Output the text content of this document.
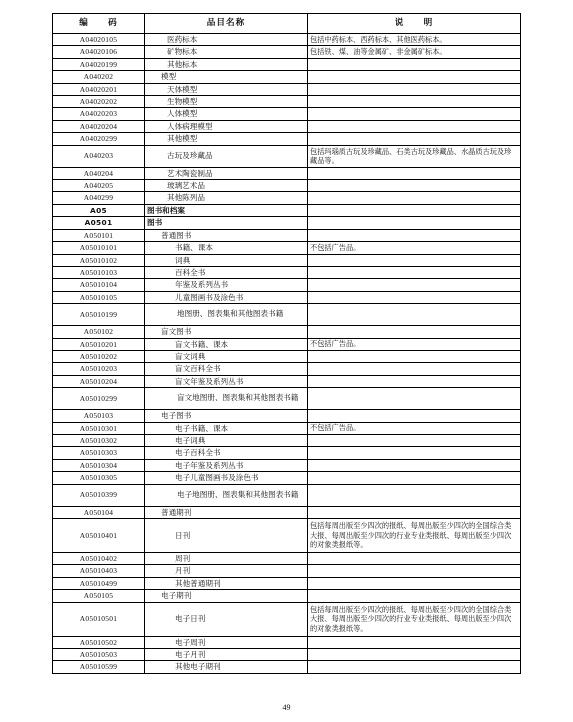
编　　码	品目名称	说　　明
A04020105	医药标本	包括中药标本、西药标本、其他医药标本。
A04020106	矿物标本	包括铁、煤、油等金属矿、非金属矿标本。
A04020199	其他标本	
A040202	模型	
A04020201	天体模型	
A04020202	生物模型	
A04020203	人体模型	
A04020204	人体病理模型	
A04020299	其他模型	
A040203	古玩及珍藏品	包括玛瑙质古玩及珍藏品、石类古玩及珍藏品、水晶质古玩及珍藏品等。
A040204	艺术陶瓷制品	
A040205	玻璃艺术品	
A040299	其他陈列品	
A05	图书和档案	
A0501	图书	
A050101	普通图书	
A05010101	书籍、课本	不包括广告品。
A05010102	词典	
A05010103	百科全书	
A05010104	年鉴及系列丛书	
A05010105	儿童图画书及涂色书	
A05010199	地图册、图表集和其他图表书籍	
A050102	盲文图书	
A05010201	盲文书籍、课本	不包括广告品。
A05010202	盲文词典	
A05010203	盲文百科全书	
A05010204	盲文年鉴及系列丛书	
A05010299	盲文地图册、图表集和其他图表书籍	
A050103	电子图书	
A05010301	电子书籍、课本	不包括广告品。
A05010302	电子词典	
A05010303	电子百科全书	
A05010304	电子年鉴及系列丛书	
A05010305	电子儿童图画书及涂色书	
A05010399	电子地图册、图表集和其他图表书籍	
A050104	普通期刊	
A05010401	日刊	包括每周出版至少四次的报纸、每周出版至少四次的全国综合类大报、每周出版至少四次的行业专业类报纸、每周出版至少四次的对象类报纸等。
A05010402	周刊	
A05010403	月刊	
A05010499	其他普通期刊	
A050105	电子期刊	
A05010501	电子日刊	包括每周出版至少四次的报纸、每周出版至少四次的全国综合类大报、每周出版至少四次的行业专业类报纸、每周出版至少四次的对象类报纸等。
A05010502	电子周刊	
A05010503	电子月刊	
A05010599	其他电子期刊	
49
